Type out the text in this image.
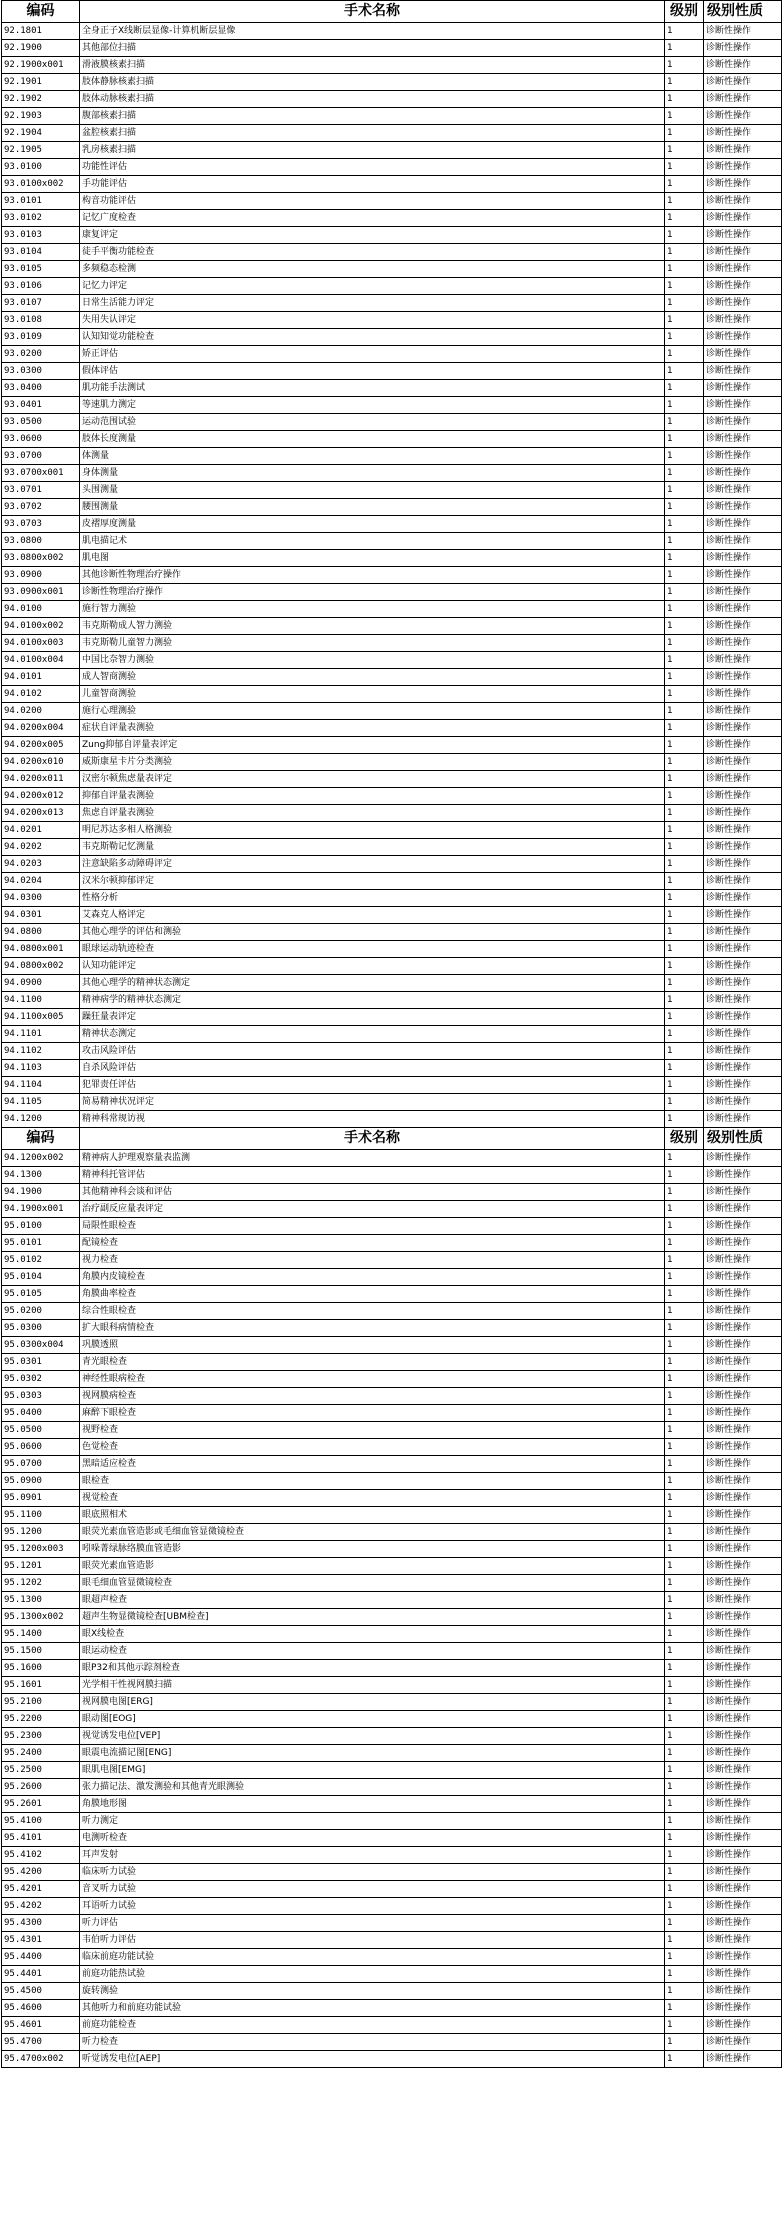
编码	手术名称	级别	级别性质
92.1801	全身正子X线断层显像-计算机断层显像	1	诊断性操作
92.1900	其他部位扫描	1	诊断性操作
92.1900x001	滑液膜核素扫描	1	诊断性操作
92.1901	肢体静脉核素扫描	1	诊断性操作
92.1902	肢体动脉核素扫描	1	诊断性操作
92.1903	腹部核素扫描	1	诊断性操作
92.1904	盆腔核素扫描	1	诊断性操作
92.1905	乳房核素扫描	1	诊断性操作
93.0100	功能性评估	1	诊断性操作
93.0100x002	手功能评估	1	诊断性操作
93.0101	构音功能评估	1	诊断性操作
93.0102	记忆广度检查	1	诊断性操作
93.0103	康复评定	1	诊断性操作
93.0104	徒手平衡功能检查	1	诊断性操作
93.0105	多频稳态检测	1	诊断性操作
93.0106	记忆力评定	1	诊断性操作
93.0107	日常生活能力评定	1	诊断性操作
93.0108	失用失认评定	1	诊断性操作
93.0109	认知知觉功能检查	1	诊断性操作
93.0200	矫正评估	1	诊断性操作
93.0300	假体评估	1	诊断性操作
93.0400	肌功能手法测试	1	诊断性操作
93.0401	等速肌力测定	1	诊断性操作
93.0500	运动范围试验	1	诊断性操作
93.0600	肢体长度测量	1	诊断性操作
93.0700	体测量	1	诊断性操作
93.0700x001	身体测量	1	诊断性操作
93.0701	头围测量	1	诊断性操作
93.0702	腰围测量	1	诊断性操作
93.0703	皮褶厚度测量	1	诊断性操作
93.0800	肌电描记术	1	诊断性操作
93.0800x002	肌电图	1	诊断性操作
93.0900	其他诊断性物理治疗操作	1	诊断性操作
93.0900x001	诊断性物理治疗操作	1	诊断性操作
94.0100	施行智力测验	1	诊断性操作
94.0100x002	韦克斯勒成人智力测验	1	诊断性操作
94.0100x003	韦克斯勒儿童智力测验	1	诊断性操作
94.0100x004	中国比奈智力测验	1	诊断性操作
94.0101	成人智商测验	1	诊断性操作
94.0102	儿童智商测验	1	诊断性操作
94.0200	施行心理测验	1	诊断性操作
94.0200x004	症状自评量表测验	1	诊断性操作
94.0200x005	Zung抑郁自评量表评定	1	诊断性操作
94.0200x010	威斯康星卡片分类测验	1	诊断性操作
94.0200x011	汉密尔顿焦虑量表评定	1	诊断性操作
94.0200x012	抑郁自评量表测验	1	诊断性操作
94.0200x013	焦虑自评量表测验	1	诊断性操作
94.0201	明尼苏达多相人格测验	1	诊断性操作
94.0202	韦克斯勒记忆测量	1	诊断性操作
94.0203	注意缺陷多动障碍评定	1	诊断性操作
94.0204	汉米尔顿抑郁评定	1	诊断性操作
94.0300	性格分析	1	诊断性操作
94.0301	艾森克人格评定	1	诊断性操作
94.0800	其他心理学的评估和测验	1	诊断性操作
94.0800x001	眼球运动轨迹检查	1	诊断性操作
94.0800x002	认知功能评定	1	诊断性操作
94.0900	其他心理学的精神状态测定	1	诊断性操作
94.1100	精神病学的精神状态测定	1	诊断性操作
94.1100x005	躁狂量表评定	1	诊断性操作
94.1101	精神状态测定	1	诊断性操作
94.1102	攻击风险评估	1	诊断性操作
94.1103	自杀风险评估	1	诊断性操作
94.1104	犯罪责任评估	1	诊断性操作
94.1105	简易精神状况评定	1	诊断性操作
94.1200	精神科常规访视	1	诊断性操作
编码	手术名称	级别	级别性质
94.1200x002	精神病人护理观察量表监测	1	诊断性操作
94.1300	精神科托管评估	1	诊断性操作
94.1900	其他精神科会谈和评估	1	诊断性操作
94.1900x001	治疗副反应量表评定	1	诊断性操作
95.0100	局限性眼检查	1	诊断性操作
95.0101	配镜检查	1	诊断性操作
95.0102	视力检查	1	诊断性操作
95.0104	角膜内皮镜检查	1	诊断性操作
95.0105	角膜曲率检查	1	诊断性操作
95.0200	综合性眼检查	1	诊断性操作
95.0300	扩大眼科病情检查	1	诊断性操作
95.0300x004	巩膜透照	1	诊断性操作
95.0301	青光眼检查	1	诊断性操作
95.0302	神经性眼病检查	1	诊断性操作
95.0303	视网膜病检查	1	诊断性操作
95.0400	麻醉下眼检查	1	诊断性操作
95.0500	视野检查	1	诊断性操作
95.0600	色觉检查	1	诊断性操作
95.0700	黑暗适应检查	1	诊断性操作
95.0900	眼检查	1	诊断性操作
95.0901	视觉检查	1	诊断性操作
95.1100	眼底照相术	1	诊断性操作
95.1200	眼荧光素血管造影或毛细血管显微镜检查	1	诊断性操作
95.1200x003	吲哚菁绿脉络膜血管造影	1	诊断性操作
95.1201	眼荧光素血管造影	1	诊断性操作
95.1202	眼毛细血管显微镜检查	1	诊断性操作
95.1300	眼超声检查	1	诊断性操作
95.1300x002	超声生物显微镜检查[UBM检查]	1	诊断性操作
95.1400	眼X线检查	1	诊断性操作
95.1500	眼运动检查	1	诊断性操作
95.1600	眼P32和其他示踪剂检查	1	诊断性操作
95.1601	光学相干性视网膜扫描	1	诊断性操作
95.2100	视网膜电图[ERG]	1	诊断性操作
95.2200	眼动图[EOG]	1	诊断性操作
95.2300	视觉诱发电位[VEP]	1	诊断性操作
95.2400	眼震电流描记图[ENG]	1	诊断性操作
95.2500	眼肌电图[EMG]	1	诊断性操作
95.2600	张力描记法、激发测验和其他青光眼测验	1	诊断性操作
95.2601	角膜地形图	1	诊断性操作
95.4100	听力测定	1	诊断性操作
95.4101	电测听检查	1	诊断性操作
95.4102	耳声发射	1	诊断性操作
95.4200	临床听力试验	1	诊断性操作
95.4201	音叉听力试验	1	诊断性操作
95.4202	耳语听力试验	1	诊断性操作
95.4300	听力评估	1	诊断性操作
95.4301	韦伯听力评估	1	诊断性操作
95.4400	临床前庭功能试验	1	诊断性操作
95.4401	前庭功能热试验	1	诊断性操作
95.4500	旋转测验	1	诊断性操作
95.4600	其他听力和前庭功能试验	1	诊断性操作
95.4601	前庭功能检查	1	诊断性操作
95.4700	听力检查	1	诊断性操作
95.4700x002	听觉诱发电位[AEP]	1	诊断性操作
